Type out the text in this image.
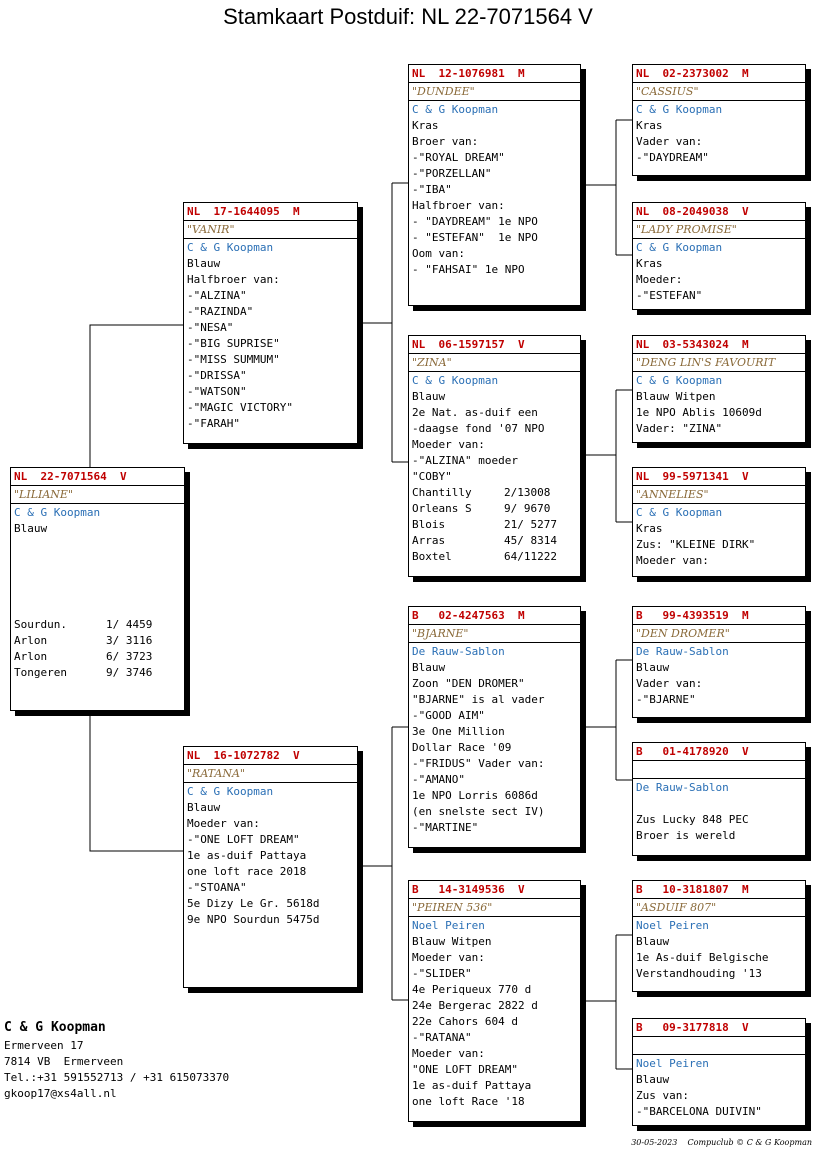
Stamkaart Postduif: NL 22-7071564 V
NL  22-7071564  V
"LILIANE"
C & G Koopman
Blauw
Sourdun.	1/ 4459
Arlon	3/ 3116
Arlon	6/ 3723
Tongeren	9/ 3746
NL  17-1644095  M
"VANIR"
C & G Koopman
Blauw
Halfbroer van:
-"ALZINA"
-"RAZINDA"
-"NESA"
-"BIG SUPRISE"
-"MISS SUMMUM"
-"DRISSA"
-"WATSON"
-"MAGIC VICTORY"
-"FARAH"
NL  16-1072782  V
"RATANA"
C & G Koopman
Blauw
Moeder van:
-"ONE LOFT DREAM"
1e as-duif Pattaya
one loft race 2018
-"STOANA"
5e Dizy Le Gr. 5618d
9e NPO Sourdun 5475d
NL  12-1076981  M
"DUNDEE"
C & G Koopman
Kras
Broer van:
-"ROYAL DREAM"
-"PORZELLAN"
-"IBA"
Halfbroer van:
- "DAYDREAM" 1e NPO
- "ESTEFAN"  1e NPO
Oom van:
- "FAHSAI" 1e NPO
NL  06-1597157  V
"ZINA"
C & G Koopman
Blauw
2e Nat. as-duif een
-daagse fond '07 NPO
Moeder van:
-"ALZINA" moeder
"COBY"
Chantilly	2/13008
Orleans S	9/ 9670
Blois	21/ 5277
Arras	45/ 8314
Boxtel	64/11222
B   02-4247563  M
"BJARNE"
De Rauw-Sablon
Blauw
Zoon "DEN DROMER"
"BJARNE" is al vader
-"GOOD AIM"
3e One Million
Dollar Race '09
-"FRIDUS" Vader van:
-"AMANO"
1e NPO Lorris 6086d
(en snelste sect IV)
-"MARTINE"
B   14-3149536  V
"PEIREN 536"
Noel Peiren
Blauw Witpen
Moeder van:
-"SLIDER"
4e Periqueux 770 d
24e Bergerac 2822 d
22e Cahors 604 d
-"RATANA"
Moeder van:
"ONE LOFT DREAM"
1e as-duif Pattaya
one loft Race '18
NL  02-2373002  M
"CASSIUS"
C & G Koopman
Kras
Vader van:
-"DAYDREAM"
NL  08-2049038  V
"LADY PROMISE"
C & G Koopman
Kras
Moeder:
-"ESTEFAN"
NL  03-5343024  M
"DENG LIN'S FAVOURIT
C & G Koopman
Blauw Witpen
1e NPO Ablis 10609d
Vader: "ZINA"
NL  99-5971341  V
"ANNELIES"
C & G Koopman
Kras
Zus: "KLEINE DIRK"
Moeder van:
B   99-4393519  M
"DEN DROMER"
De Rauw-Sablon
Blauw
Vader van:
-"BJARNE"
B   01-4178920  V
De Rauw-Sablon
Zus Lucky 848 PEC
Broer is wereld
B   10-3181807  M
"ASDUIF 807"
Noel Peiren
Blauw
1e As-duif Belgische
Verstandhouding '13
B   09-3177818  V
Noel Peiren
Blauw
Zus van:
-"BARCELONA DUIVIN"
C & G Koopman
Ermerveen 17
7814 VB  Ermerveen
Tel.:+31 591552713 / +31 615073370
gkoop17@xs4all.nl
30-05-2023    Compuclub © C & G Koopman
